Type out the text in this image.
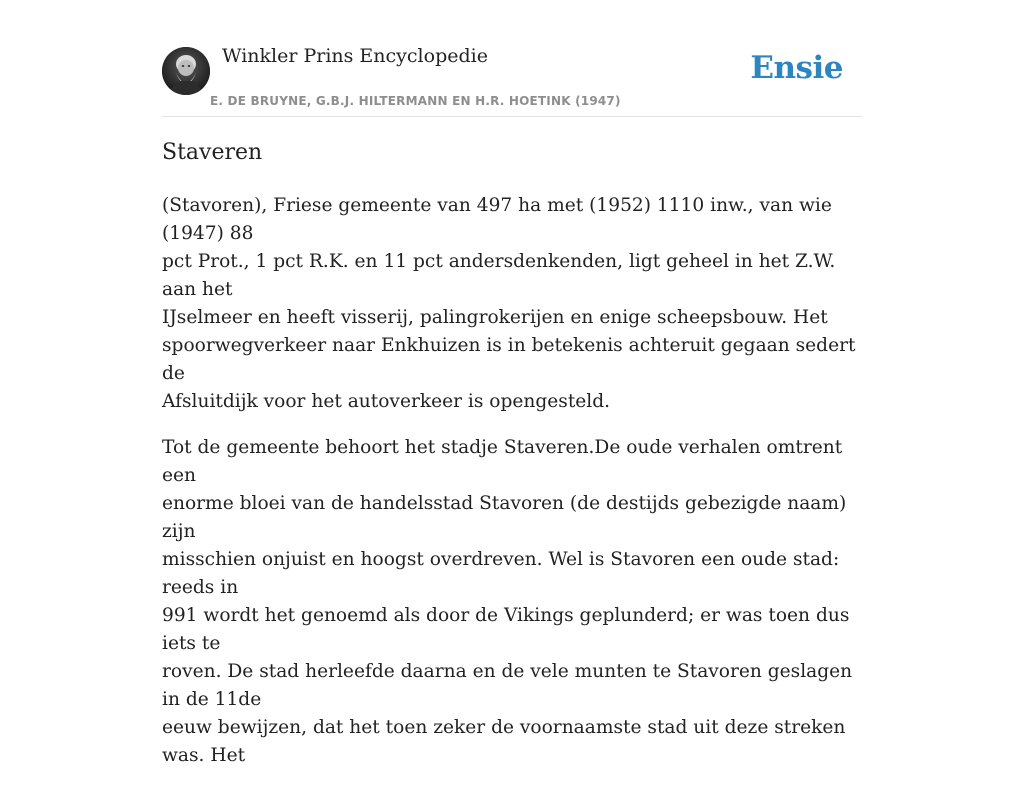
Winkler Prins Encyclopedie
E. DE BRUYNE, G.B.J. HILTERMANN EN H.R. HOETINK (1947)
Ensie
Staveren

(Stavoren), Friese gemeente van 497 ha met (1952) 1110 inw., van wie (1947) 88
pct Prot., 1 pct R.K. en 11 pct andersdenkenden, ligt geheel in het Z.W. aan het
IJselmeer en heeft visserij, palingrokerijen en enige scheepsbouw. Het
spoorwegverkeer naar Enkhuizen is in betekenis achteruit gegaan sedert de
Afsluitdijk voor het autoverkeer is opengesteld.

Tot de gemeente behoort het stadje Staveren.De oude verhalen omtrent een
enorme bloei van de handelsstad Stavoren (de destijds gebezigde naam) zijn
misschien onjuist en hoogst overdreven. Wel is Stavoren een oude stad: reeds in
991 wordt het genoemd als door de Vikings geplunderd; er was toen dus iets te
roven. De stad herleefde daarna en de vele munten te Stavoren geslagen in de 11de
eeuw bewijzen, dat het toen zeker de voornaamste stad uit deze streken was. Het
